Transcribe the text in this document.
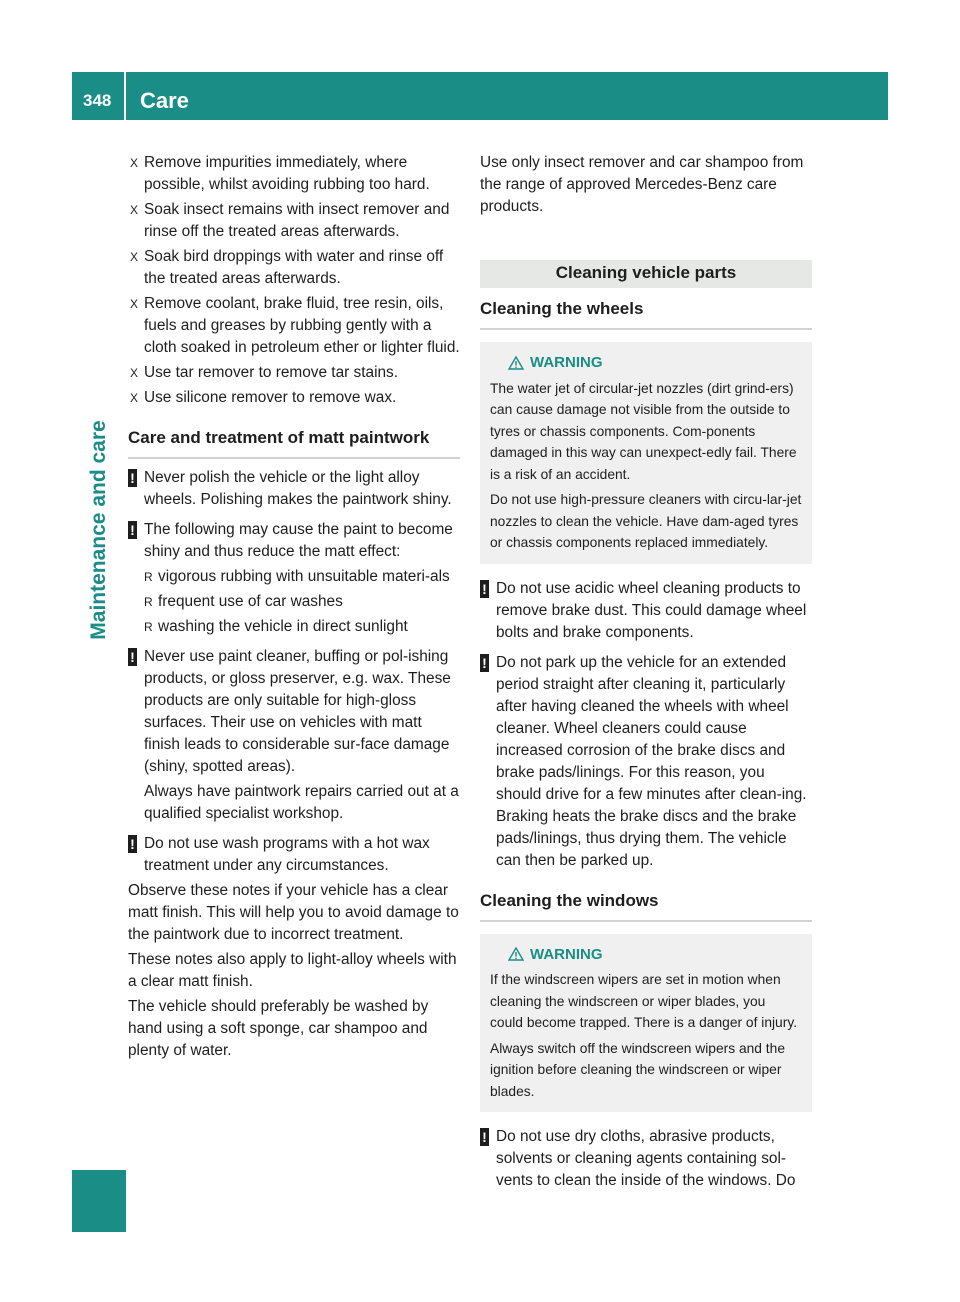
348 Care
Maintenance and care
X Remove impurities immediately, where possible, whilst avoiding rubbing too hard.
X Soak insect remains with insect remover and rinse off the treated areas afterwards.
X Soak bird droppings with water and rinse off the treated areas afterwards.
X Remove coolant, brake fluid, tree resin, oils, fuels and greases by rubbing gently with a cloth soaked in petroleum ether or lighter fluid.
X Use tar remover to remove tar stains.
X Use silicone remover to remove wax.
Care and treatment of matt paintwork
! Never polish the vehicle or the light alloy wheels. Polishing makes the paintwork shiny.
! The following may cause the paint to become shiny and thus reduce the matt effect:
R vigorous rubbing with unsuitable materi-als
R frequent use of car washes
R washing the vehicle in direct sunlight
! Never use paint cleaner, buffing or pol-ishing products, or gloss preserver, e.g. wax. These products are only suitable for high-gloss surfaces. Their use on vehicles with matt finish leads to considerable sur-face damage (shiny, spotted areas).
Always have paintwork repairs carried out at a qualified specialist workshop.
! Do not use wash programs with a hot wax treatment under any circumstances.

Observe these notes if your vehicle has a clear matt finish. This will help you to avoid damage to the paintwork due to incorrect treatment.

These notes also apply to light-alloy wheels with a clear matt finish.

The vehicle should preferably be washed by hand using a soft sponge, car shampoo and plenty of water.

Use only insect remover and car shampoo from the range of approved Mercedes-Benz care products.

Cleaning vehicle parts
Cleaning the wheels
WARNING

The water jet of circular-jet nozzles (dirt grind-ers) can cause damage not visible from the outside to tyres or chassis components. Com-ponents damaged in this way can unexpect-edly fail. There is a risk of an accident.

Do not use high-pressure cleaners with circu-lar-jet nozzles to clean the vehicle. Have dam-aged tyres or chassis components replaced immediately.

! Do not use acidic wheel cleaning products to remove brake dust. This could damage wheel bolts and brake components.
! Do not park up the vehicle for an extended period straight after cleaning it, particularly after having cleaned the wheels with wheel cleaner. Wheel cleaners could cause increased corrosion of the brake discs and brake pads/linings. For this reason, you should drive for a few minutes after clean-ing. Braking heats the brake discs and the brake pads/linings, thus drying them. The vehicle can then be parked up.
Cleaning the windows
WARNING

If the windscreen wipers are set in motion when cleaning the windscreen or wiper blades, you could become trapped. There is a danger of injury.

Always switch off the windscreen wipers and the ignition before cleaning the windscreen or wiper blades.

! Do not use dry cloths, abrasive products, solvents or cleaning agents containing sol-vents to clean the inside of the windows. Do
